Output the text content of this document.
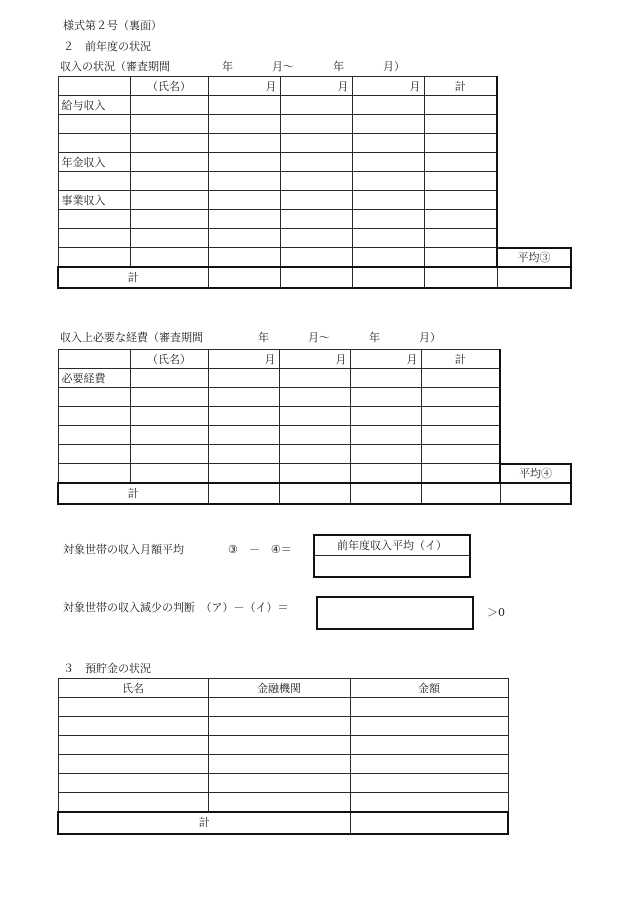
様式第２号（裏面）
２　前年度の状況
収入の状況（審査期間	年	月～	年	月）
	（氏名）	月	月	月	計	
給与収入						

年金収入						

事業収入						

						平均③
計						
収入上必要な経費（審査期間	年	月～	年	月）
	（氏名）	月	月	月	計	
必要経費						

						平均④
計						
対象世帯の収入月額平均	③　－　④＝	前年度収入平均（イ）
対象世帯の収入減少の判断　（ア）－（イ）＝	＞0
３　預貯金の状況
氏名	金融機関	金額

計		
